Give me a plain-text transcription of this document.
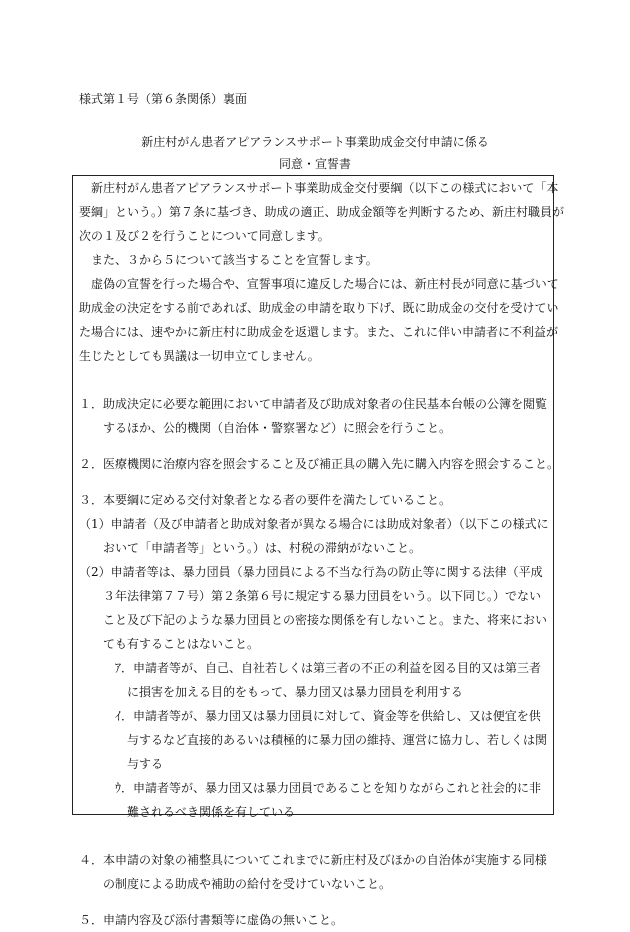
様式第１号（第６条関係）裏面

新庄村がん患者アピアランスサポート事業助成金交付申請に係る
同意・宣誓書

　新庄村がん患者アピアランスサポート事業助成金交付要綱（以下この様式において「本

要綱」という。）第７条に基づき、助成の適正、助成金額等を判断するため、新庄村職員が

次の１及び２を行うことについて同意します。

　また、３から５について該当することを宣誓します。

　虚偽の宣誓を行った場合や、宣誓事項に違反した場合には、新庄村長が同意に基づいて

助成金の決定をする前であれば、助成金の申請を取り下げ、既に助成金の交付を受けてい

た場合には、速やかに新庄村に助成金を返還します。また、これに伴い申請者に不利益が

生じたとしても異議は一切申立てしません。

１．助成決定に必要な範囲において申請者及び助成対象者の住民基本台帳の公簿を閲覧するほか、公的機関（自治体・警察署など）に照会を行うこと。

２．医療機関に治療内容を照会すること及び補正具の購入先に購入内容を照会すること。

３．本要綱に定める交付対象者となる者の要件を満たしていること。

（1）申請者（及び申請者と助成対象者が異なる場合には助成対象者）（以下この様式において「申請者等」という。）は、村税の滞納がないこと。

（2）申請者等は、暴力団員（暴力団員による不当な行為の防止等に関する法律（平成３年法律第７７号）第２条第６号に規定する暴力団員をいう。以下同じ。）でないこと及び下記のような暴力団員との密接な関係を有しないこと。また、将来においても有することはないこと。

ｱ．申請者等が、自己、自社若しくは第三者の不正の利益を図る目的又は第三者に損害を加える目的をもって、暴力団又は暴力団員を利用する

ｲ．申請者等が、暴力団又は暴力団員に対して、資金等を供給し、又は便宜を供与するなど直接的あるいは積極的に暴力団の維持、運営に協力し、若しくは関与する

ｳ．申請者等が、暴力団又は暴力団員であることを知りながらこれと社会的に非難されるべき関係を有している

４．本申請の対象の補整具についてこれまでに新庄村及びほかの自治体が実施する同様の制度による助成や補助の給付を受けていないこと。

５．申請内容及び添付書類等に虚偽の無いこと。
